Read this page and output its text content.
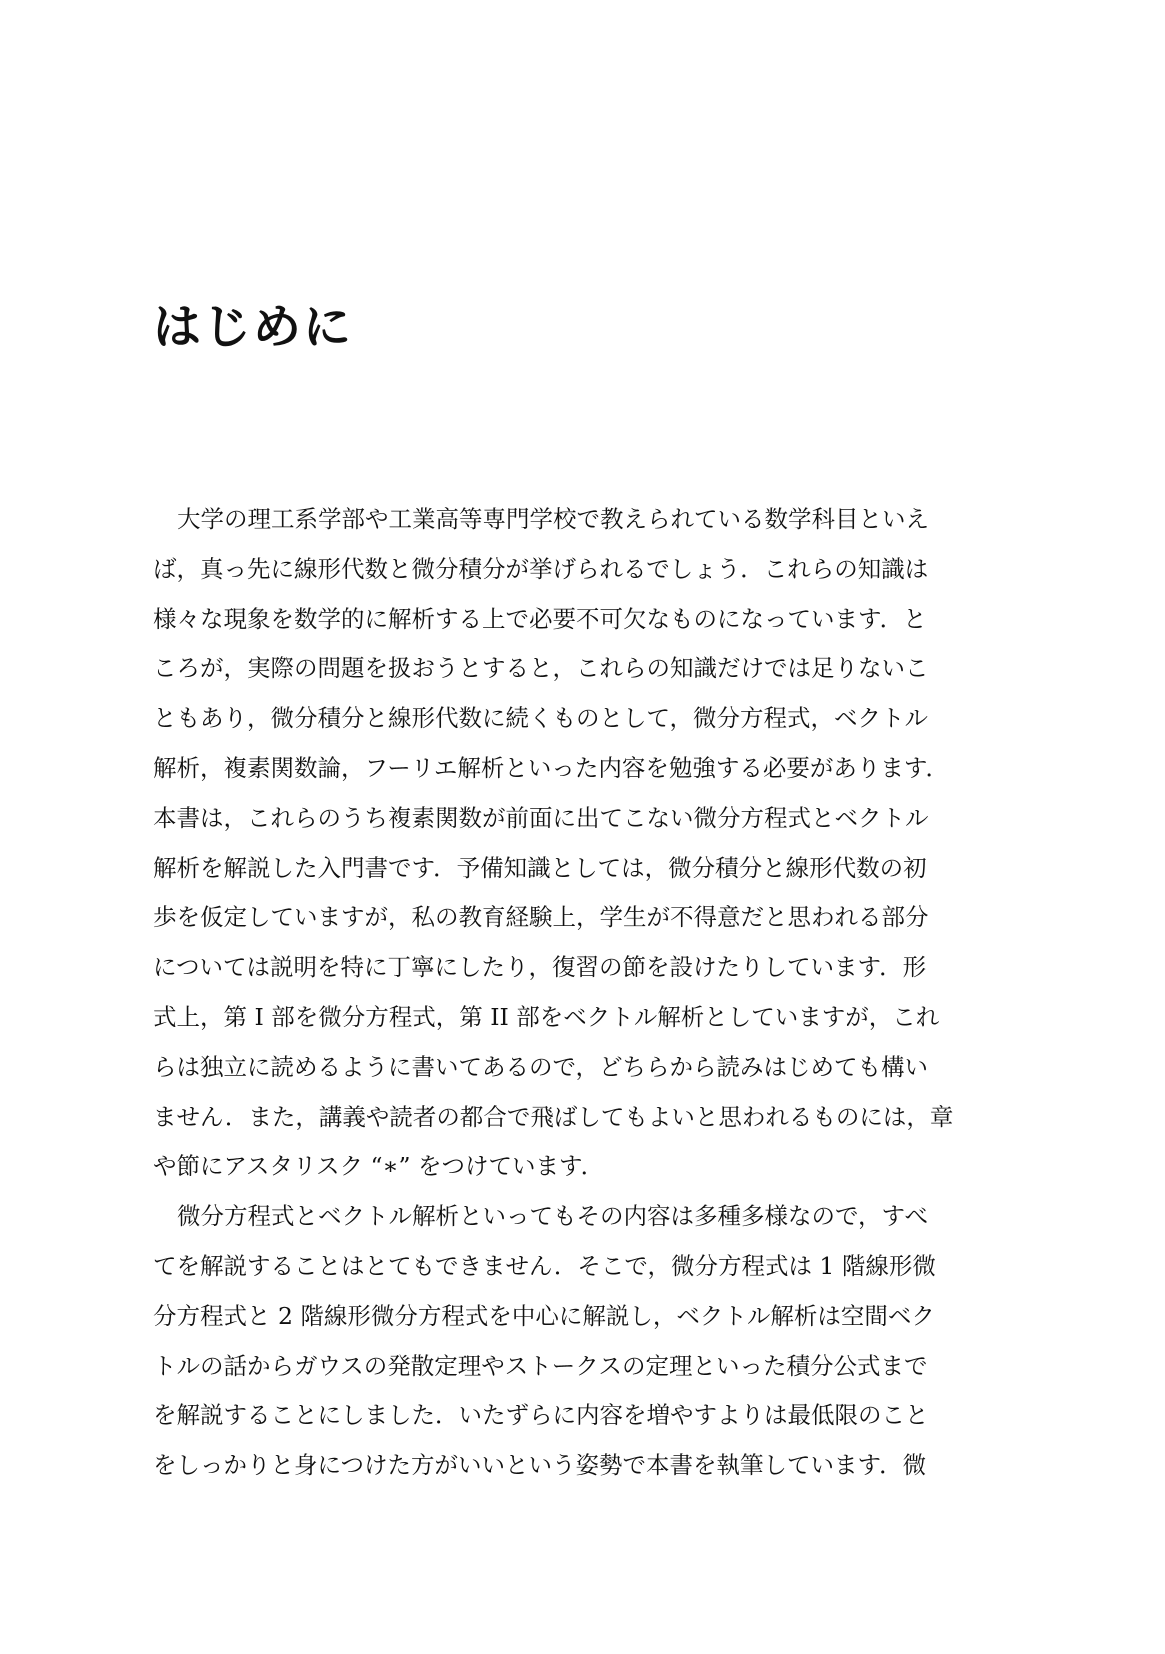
はじめに
大学の理工系学部や工業高等専門学校で教えられている数学科目といえ
ば，真っ先に線形代数と微分積分が挙げられるでしょう．これらの知識は
様々な現象を数学的に解析する上で必要不可欠なものになっています．と
ころが，実際の問題を扱おうとすると，これらの知識だけでは足りないこ
ともあり，微分積分と線形代数に続くものとして，微分方程式，ベクトル
解析，複素関数論，フーリエ解析といった内容を勉強する必要があります．
本書は，これらのうち複素関数が前面に出てこない微分方程式とベクトル
解析を解説した入門書です．予備知識としては，微分積分と線形代数の初
歩を仮定していますが，私の教育経験上，学生が不得意だと思われる部分
については説明を特に丁寧にしたり，復習の節を設けたりしています．形
式上，第 I 部を微分方程式，第 II 部をベクトル解析としていますが，これ
らは独立に読めるように書いてあるので，どちらから読みはじめても構い
ません．また，講義や読者の都合で飛ばしてもよいと思われるものには，章
や節にアスタリスク “∗” をつけています．
微分方程式とベクトル解析といってもその内容は多種多様なので，すべ
てを解説することはとてもできません．そこで，微分方程式は 1 階線形微
分方程式と 2 階線形微分方程式を中心に解説し，ベクトル解析は空間ベク
トルの話からガウスの発散定理やストークスの定理といった積分公式まで
を解説することにしました．いたずらに内容を増やすよりは最低限のこと
をしっかりと身につけた方がいいという姿勢で本書を執筆しています．微
